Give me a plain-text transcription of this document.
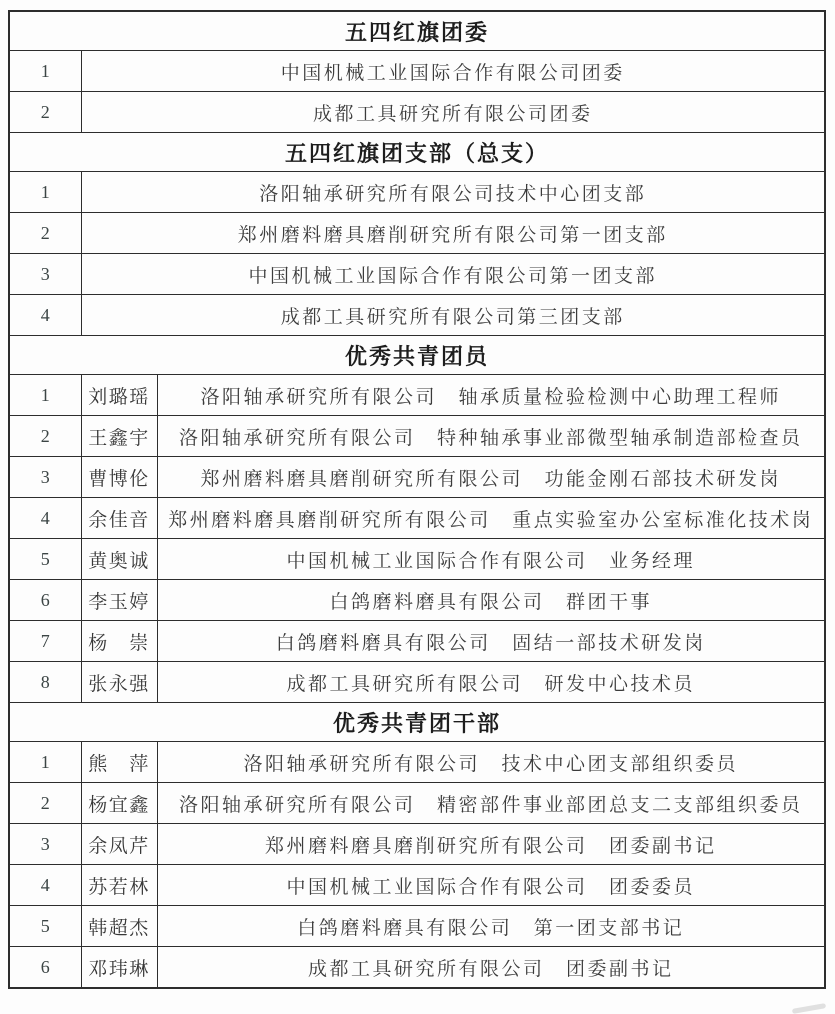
五四红旗团委		
1	中国机械工业国际合作有限公司团委	
2	成都工具研究所有限公司团委	
五四红旗团支部（总支）		
1	洛阳轴承研究所有限公司技术中心团支部	
2	郑州磨料磨具磨削研究所有限公司第一团支部	
3	中国机械工业国际合作有限公司第一团支部	
4	成都工具研究所有限公司第三团支部	
优秀共青团员		
1	刘璐瑶	洛阳轴承研究所有限公司　轴承质量检验检测中心助理工程师
2	王鑫宇	洛阳轴承研究所有限公司　特种轴承事业部微型轴承制造部检查员
3	曹博伦	郑州磨料磨具磨削研究所有限公司　功能金刚石部技术研发岗
4	余佳音	郑州磨料磨具磨削研究所有限公司　重点实验室办公室标准化技术岗
5	黄奥诚	中国机械工业国际合作有限公司　业务经理
6	李玉婷	白鸽磨料磨具有限公司　群团干事
7	杨　崇	白鸽磨料磨具有限公司　固结一部技术研发岗
8	张永强	成都工具研究所有限公司　研发中心技术员
优秀共青团干部		
1	熊　萍	洛阳轴承研究所有限公司　技术中心团支部组织委员
2	杨宜鑫	洛阳轴承研究所有限公司　精密部件事业部团总支二支部组织委员
3	余凤芹	郑州磨料磨具磨削研究所有限公司　团委副书记
4	苏若林	中国机械工业国际合作有限公司　团委委员
5	韩超杰	白鸽磨料磨具有限公司　第一团支部书记
6	邓玮琳	成都工具研究所有限公司　团委副书记
